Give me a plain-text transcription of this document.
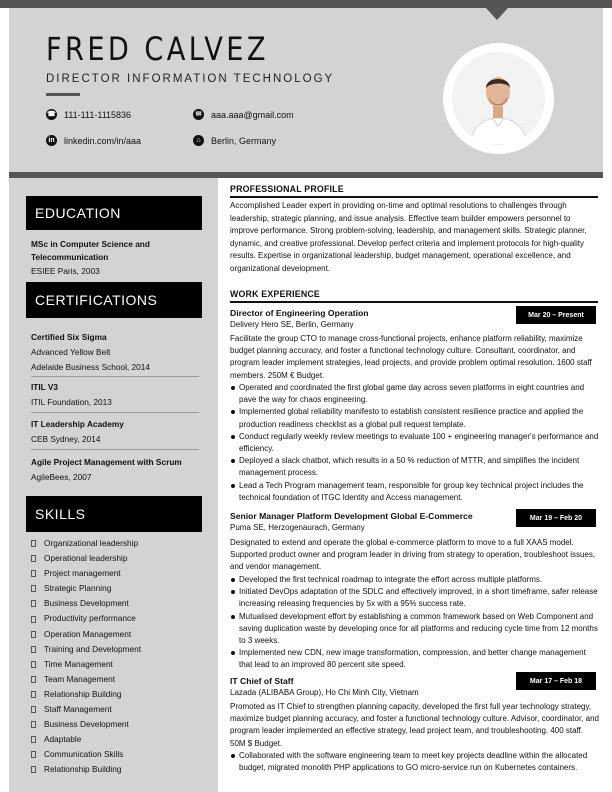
FRED CALVEZ
DIRECTOR INFORMATION TECHNOLOGY
☎ 111-111-1115836	✉ aaa.aaa@gmail.com
in linkedin.com/in/aaa	⌂	Berlin, Germany
EDUCATION
MSc in Computer Science and Telecommunication
ESIEE Paris, 2003
CERTIFICATIONS
Certified Six Sigma
Advanced Yellow Belt
Adelaide Business School, 2014
ITIL V3
ITIL Foundation, 2013
IT Leadership Academy
CEB Sydney, 2014
Agile Project Management with Scrum
AgileBees, 2007
SKILLS
Organizational leadership
Operational leadership
Project management
Strategic Planning
Business Development
Productivity performance
Operation Management
Training and Development
Time Management
Team Management
Relationship Building
Staff Management
Business Development
Adaptable
Communication Skills
Relationship Building
PROFESSIONAL PROFILE
Accomplished Leader expert in providing on-time and optimal resolutions to challenges through leadership, strategic planning, and issue analysis. Effective team builder empowers personnel to improve performance. Strong problem-solving, leadership, and management skills. Strategic planner, dynamic, and creative professional. Develop perfect criteria and implement protocols for high-quality results. Expertise in organizational leadership, budget management, operational excellence, and organizational development.
WORK EXPERIENCE
Director of Engineering Operation	Mar 20 – Present
Delivery Hero SE, Berlin, Germany
Facilitate the group CTO to manage cross-functional projects, enhance platform reliability, maximize budget planning accuracy, and foster a functional technology culture. Consultant, coordinator, and program leader implement strategies, lead projects, and provide problem optimal resolution. 1600 staff members. 250M € Budget.
Operated and coordinated the first global game day across seven platforms in eight countries and pave the way for chaos engineering.
Implemented global reliability manifesto to establish consistent resilience practice and applied the production readiness checklist as a global pull request template.
Conduct regularly weekly review meetings to evaluate 100 + engineering manager's performance and efficiency.
Deployed a slack chatbot, which results in a 50 % reduction of MTTR, and simplifies the incident management process.
Lead a Tech Program management team, responsible for group key technical project includes the technical foundation of ITGC Identity and Access management.
Senior Manager Platform Development Global E-Commerce	Mar 19 – Feb 20
Puma SE, Herzogenaurach, Germany
Designated to extend and operate the global e-commerce platform to move to a full XAAS model. Supported product owner and program leader in driving from strategy to operation, troubleshoot issues, and vendor management.
Developed the first technical roadmap to integrate the effort across multiple platforms.
Initiated DevOps adaptation of the SDLC and effectively improved, in a short timeframe, safer release increasing releasing frequencies by 5x with a 95% success rate.
Mutualised development effort by establishing a common framework based on Web Component and saving duplication waste by developing once for all platforms and reducing cycle time from 12 months to 3 weeks.
Implemented new CDN, new image transformation, compression, and better change management that lead to an improved 80 percent site speed.
IT Chief of Staff	Mar 17 – Feb 18
Lazada (ALIBABA Group), Ho Chi Minh City, Vietnam
Promoted as IT Chief to strengthen planning capacity, developed the first full year technology strategy, maximize budget planning accuracy, and foster a functional technology culture. Advisor, coordinator, and program leader implemented an effective strategy, lead project team, and troubleshooting. 400 staff. 50M $ Budget.
Collaborated with the software engineering team to meet key projects deadline within the allocated budget, migrated monolith PHP applications to GO micro-service run on Kubernetes containers.
